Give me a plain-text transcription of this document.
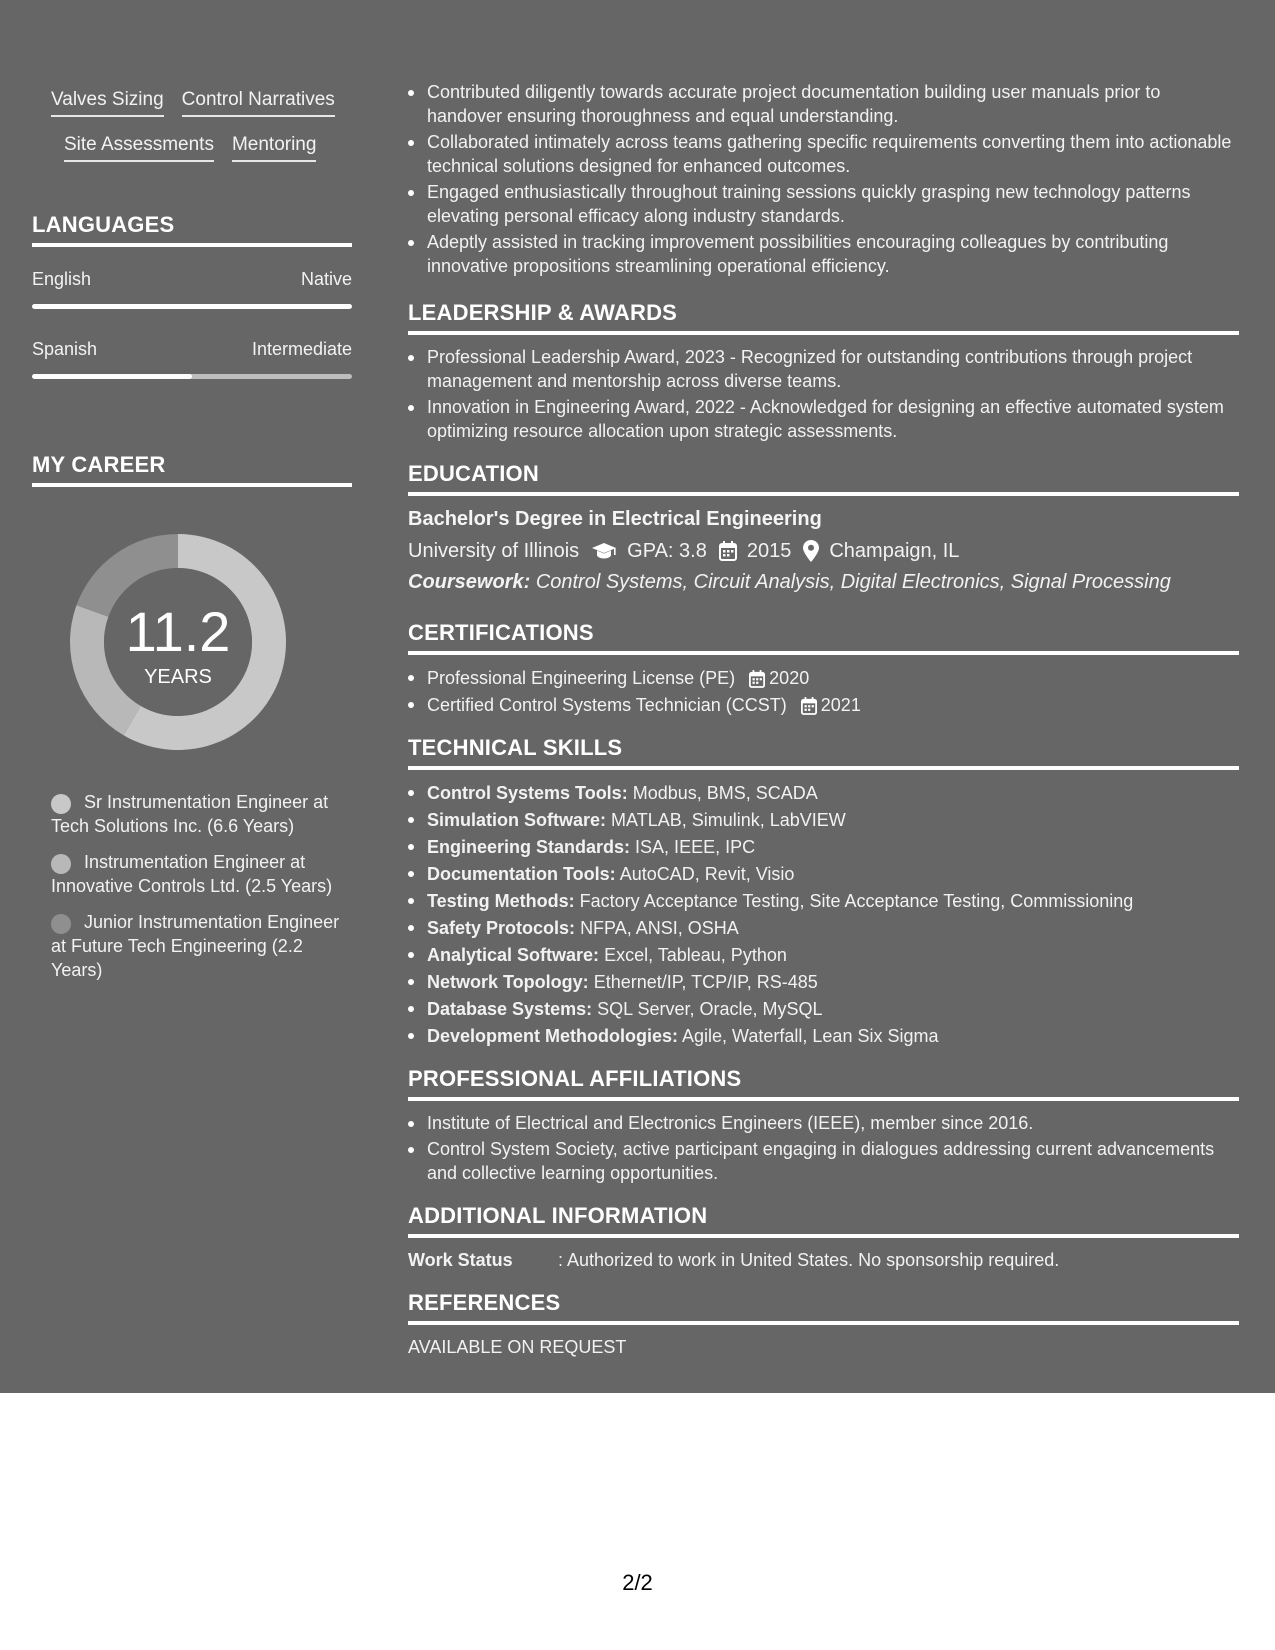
Valves Sizing Control Narratives
Site Assessments Mentoring
LANGUAGES
English	Native
Spanish	Intermediate
MY CAREER
11.2
YEARS
Sr Instrumentation Engineer at Tech Solutions Inc. (6.6 Years)
Instrumentation Engineer at Innovative Controls Ltd. (2.5 Years)
Junior Instrumentation Engineer at Future Tech Engineering (2.2 Years)
Contributed diligently towards accurate project documentation building user manuals prior to handover ensuring thoroughness and equal understanding.
Collaborated intimately across teams gathering specific requirements converting them into actionable technical solutions designed for enhanced outcomes.
Engaged enthusiastically throughout training sessions quickly grasping new technology patterns elevating personal efficacy along industry standards.
Adeptly assisted in tracking improvement possibilities encouraging colleagues by contributing innovative propositions streamlining operational efficiency.
LEADERSHIP & AWARDS
Professional Leadership Award, 2023 - Recognized for outstanding contributions through project management and mentorship across diverse teams.
Innovation in Engineering Award, 2022 - Acknowledged for designing an effective automated system optimizing resource allocation upon strategic assessments.
EDUCATION
Bachelor's Degree in Electrical Engineering
University of Illinois GPA: 3.8 2015 Champaign, IL
Coursework: Control Systems, Circuit Analysis, Digital Electronics, Signal Processing
CERTIFICATIONS
Professional Engineering License (PE) 2020
Certified Control Systems Technician (CCST) 2021
TECHNICAL SKILLS
Control Systems Tools: Modbus, BMS, SCADA
Simulation Software: MATLAB, Simulink, LabVIEW
Engineering Standards: ISA, IEEE, IPC
Documentation Tools: AutoCAD, Revit, Visio
Testing Methods: Factory Acceptance Testing, Site Acceptance Testing, Commissioning
Safety Protocols: NFPA, ANSI, OSHA
Analytical Software: Excel, Tableau, Python
Network Topology: Ethernet/IP, TCP/IP, RS-485
Database Systems: SQL Server, Oracle, MySQL
Development Methodologies: Agile, Waterfall, Lean Six Sigma
PROFESSIONAL AFFILIATIONS
Institute of Electrical and Electronics Engineers (IEEE), member since 2016.
Control System Society, active participant engaging in dialogues addressing current advancements and collective learning opportunities.
ADDITIONAL INFORMATION
Work Status	: Authorized to work in United States. No sponsorship required.
REFERENCES
AVAILABLE ON REQUEST
2/2
